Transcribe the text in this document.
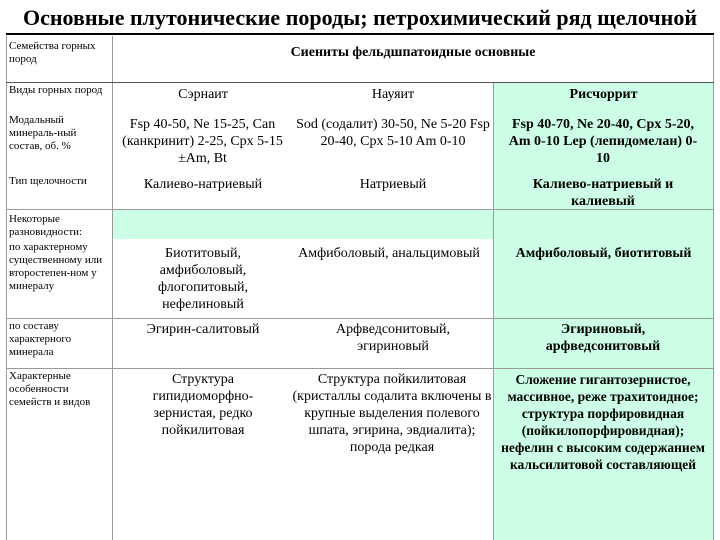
Основные плутонические породы; петрохимический ряд щелочной
Семейства горных пород
Виды горных пород
Модальный минераль-ный состав, об. %
Тип щелочности
Некоторые разновидности:
по характерному существенному или второстепен-ном у минералу
по составу характерного минерала
Характерные особенности семейств и видов
Сиениты фельдшпатоидные основные
Сэрнаит
Fsp 40-50, Ne 15-25, Can (канкринит) 2-25, Cpx 5-15 ±Am, Bt
Калиево-натриевый
Биотитовый, амфиболовый, флогопитовый, нефелиновый
Эгирин-салитовый
Структура гипидиоморфно-зернистая, редко пойкилитовая
Науяит
Sod (содалит) 30-50, Ne 5-20 Fsp 20-40, Cpx 5-10 Am 0-10
Натриевый
Амфиболовый, анальцимовый
Арфведсонитовый, эгириновый
Структура пойкилитовая (кристаллы содалита включены в крупные выделения полевого шпата, эгирина, эвдиалита); порода редкая
Рисчоррит
Fsp 40-70, Ne 20-40, Cpx 5-20, Am 0-10 Lep (лепидомелан) 0-10
Калиево-натриевый и калиевый
Амфиболовый, биотитовый
Эгириновый, арфведсонитовый
Сложение гигантозернистое, массивное, реже трахитоидное; структура порфировидная (пойкилопорфировидная); нефелин с высоким содержанием кальсилитовой составляющей
